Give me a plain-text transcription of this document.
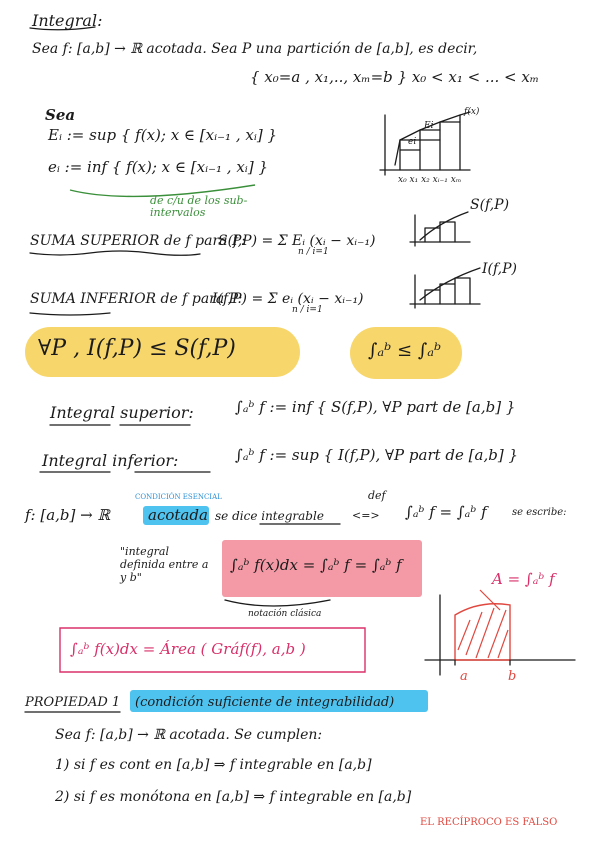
Integral:
Sea f: [a,b] → ℝ acotada. Sea P una partición de [a,b], es decir,
{ x₀=a , x₁,.., xₘ=b } x₀ < x₁ < ... < xₘ
Sea
Eᵢ := sup { f(x); x ∈ [xᵢ₋₁ , xᵢ] }
eᵢ := inf { f(x); x ∈ [xᵢ₋₁ , xᵢ] }
de c/u de los sub-intervalos
f(x)
Ei
ei
x₀ x₁ x₂ xᵢ₋₁ xₘ
SUMA SUPERIOR de f para P:
S(f,P) = Σ Eᵢ (xᵢ − xᵢ₋₁)
n / i=1
S(f,P)
SUMA INFERIOR de f para P:
I(f,P) = Σ eᵢ (xᵢ − xᵢ₋₁)
n / i=1
I(f,P)
∀P , I(f,P) ≤ S(f,P)	∫ₐᵇ ≤ ∫ₐᵇ
Integral superior:	∫ₐᵇ f := inf { S(f,P), ∀P part de [a,b] }
Integral inferior:	∫ₐᵇ f := sup { I(f,P), ∀P part de [a,b] }
CONDICIÓN ESENCIAL
f: [a,b] → ℝ	acotada se dice integrable
def
<=> ∫ₐᵇ f = ∫ₐᵇ f	se escribe:
"integral definida entre a y b"
∫ₐᵇ f(x)dx = ∫ₐᵇ f = ∫ₐᵇ f
notación clásica
∫ₐᵇ f(x)dx = Área ( Gráf(f), a,b )
A = ∫ₐᵇ f
a	b
PROPIEDAD 1 (condición suficiente de integrabilidad)
Sea f: [a,b] → ℝ acotada. Se cumplen:
1) si f es cont en [a,b] ⇒ f integrable en [a,b]
2) si f es monótona en [a,b] ⇒ f integrable en [a,b]
EL RECÍPROCO ES FALSO
